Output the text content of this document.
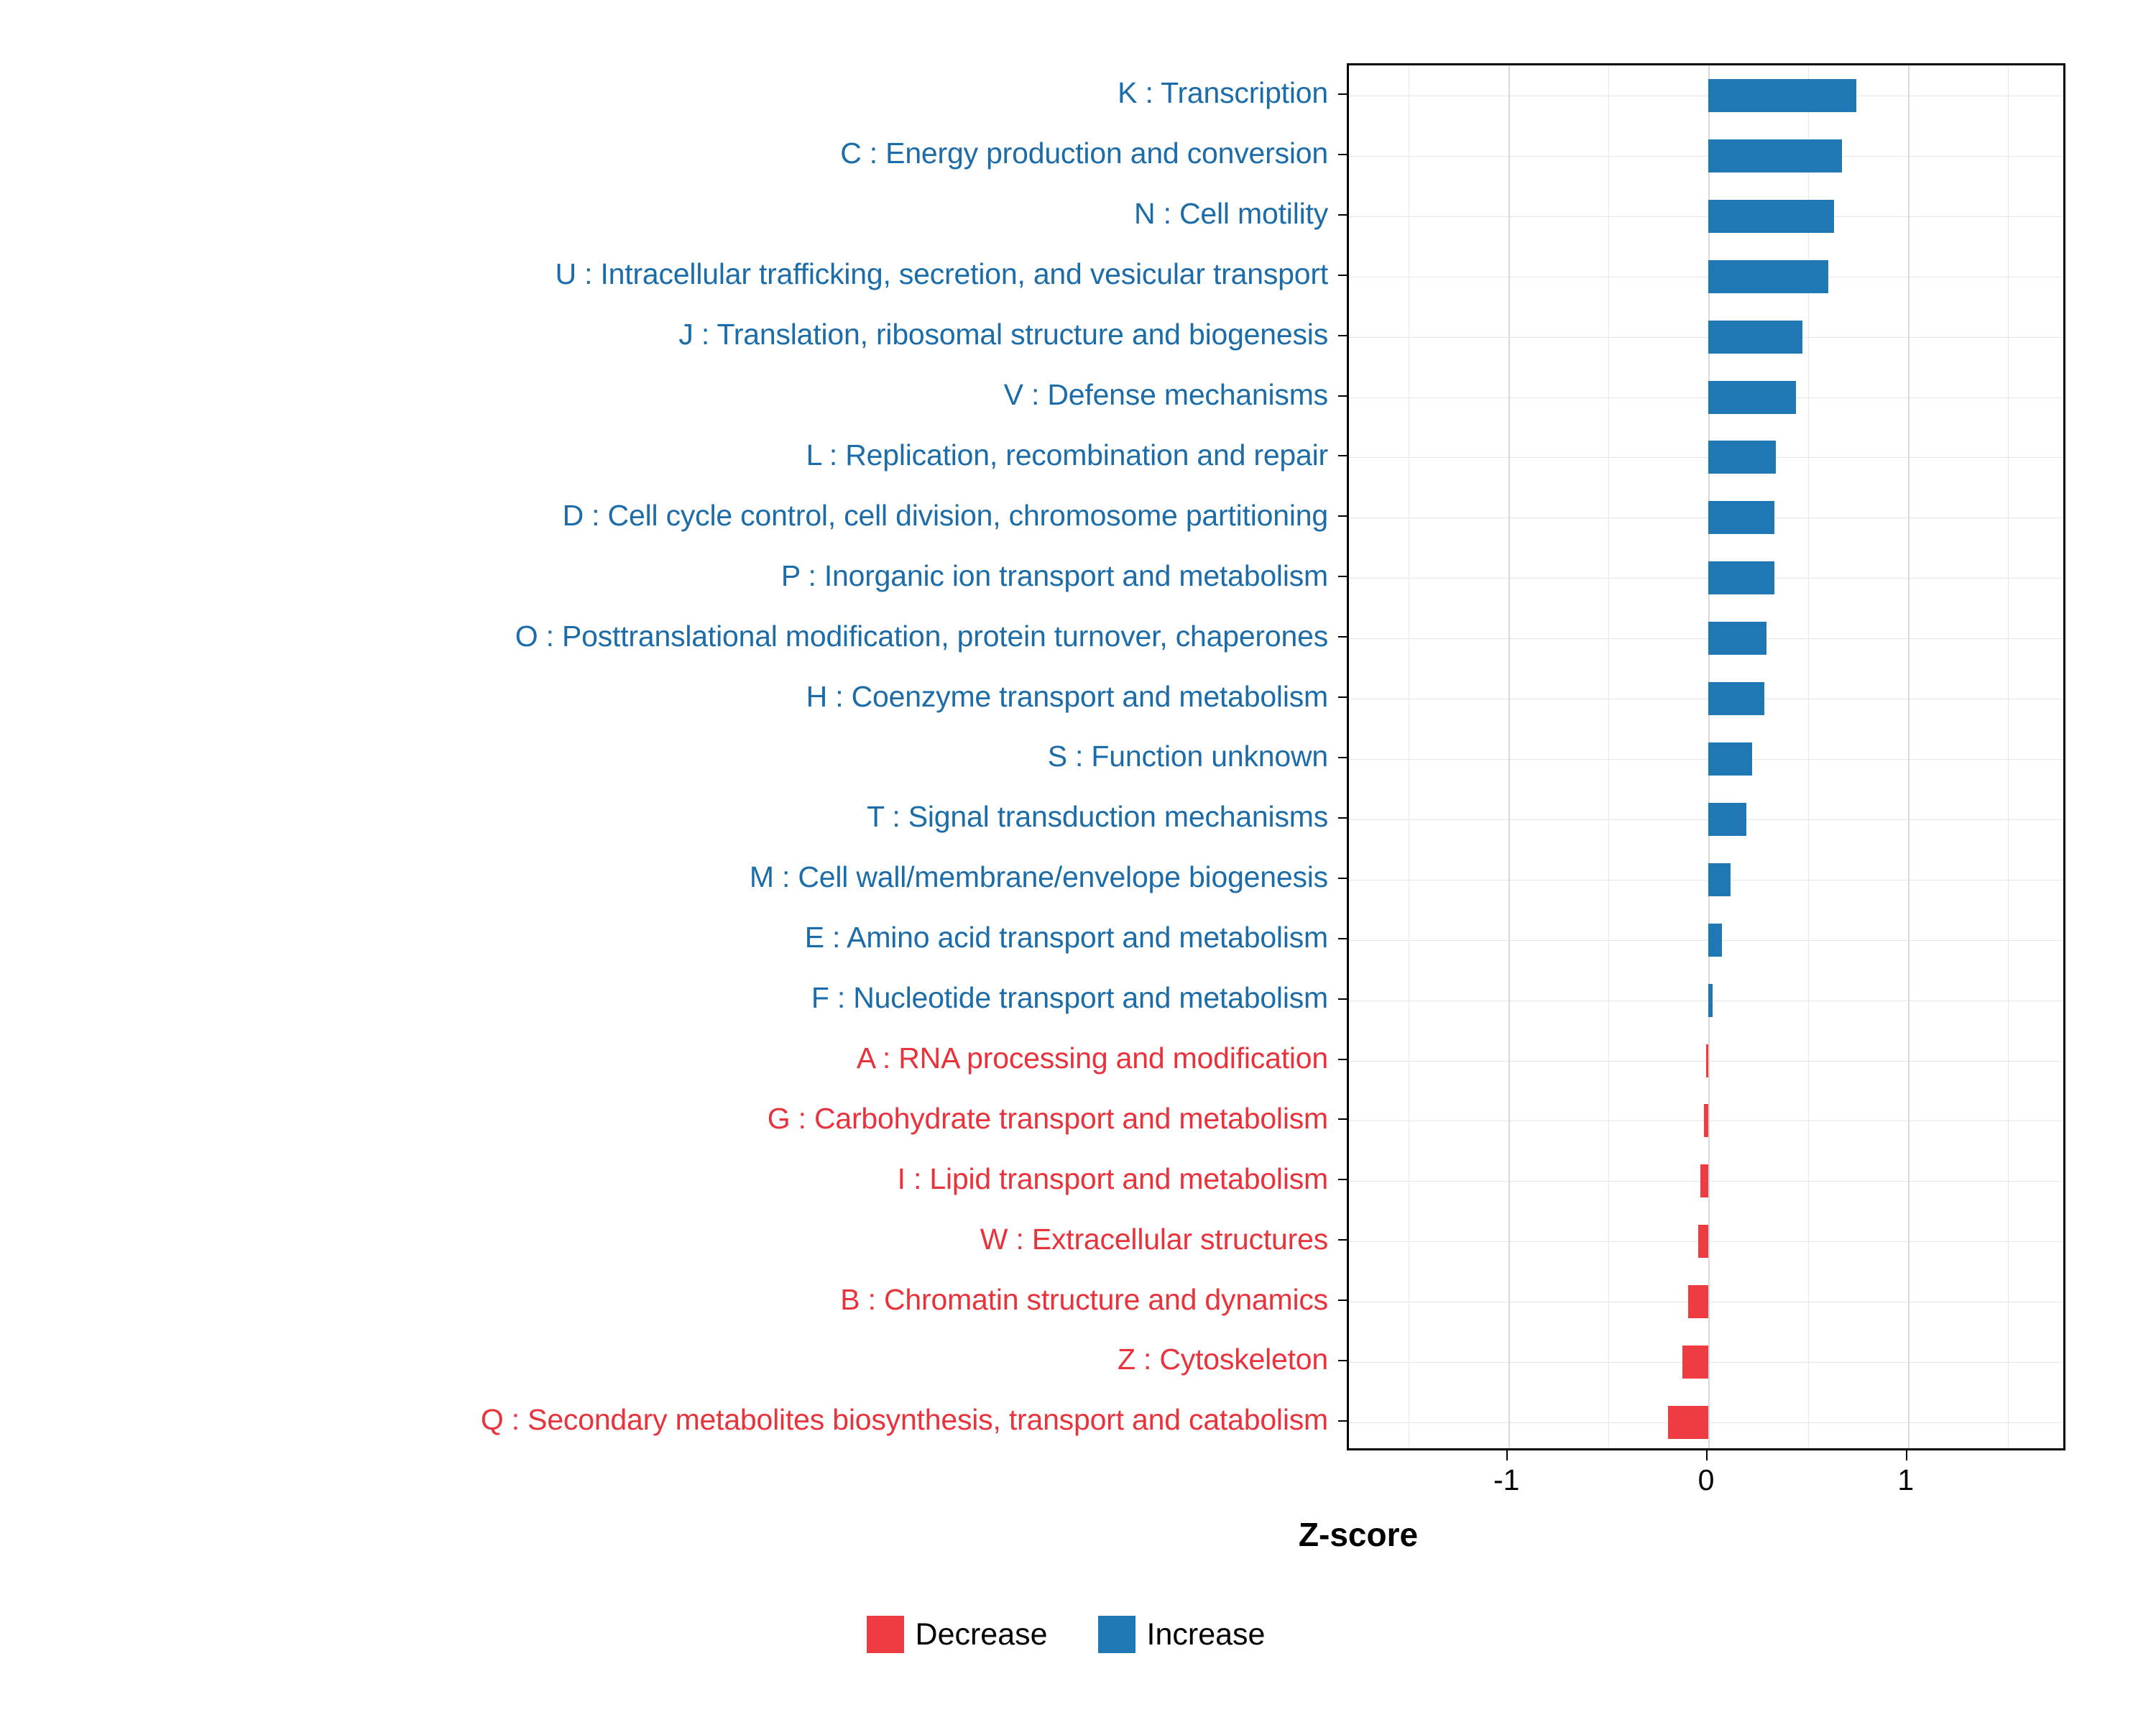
K : Transcription
C : Energy production and conversion
N : Cell motility
U : Intracellular trafficking, secretion, and vesicular transport
J : Translation, ribosomal structure and biogenesis
V : Defense mechanisms
L : Replication, recombination and repair
D : Cell cycle control, cell division, chromosome partitioning
P : Inorganic ion transport and metabolism
O : Posttranslational modification, protein turnover, chaperones
H : Coenzyme transport and metabolism
S : Function unknown
T : Signal transduction mechanisms
M : Cell wall/membrane/envelope biogenesis
E : Amino acid transport and metabolism
F : Nucleotide transport and metabolism
A : RNA processing and modification
G : Carbohydrate transport and metabolism
I : Lipid transport and metabolism
W : Extracellular structures
B : Chromatin structure and dynamics
Z : Cytoskeleton
Q : Secondary metabolites biosynthesis, transport and catabolism
-1	0	1
Z-score
Decrease	Increase
